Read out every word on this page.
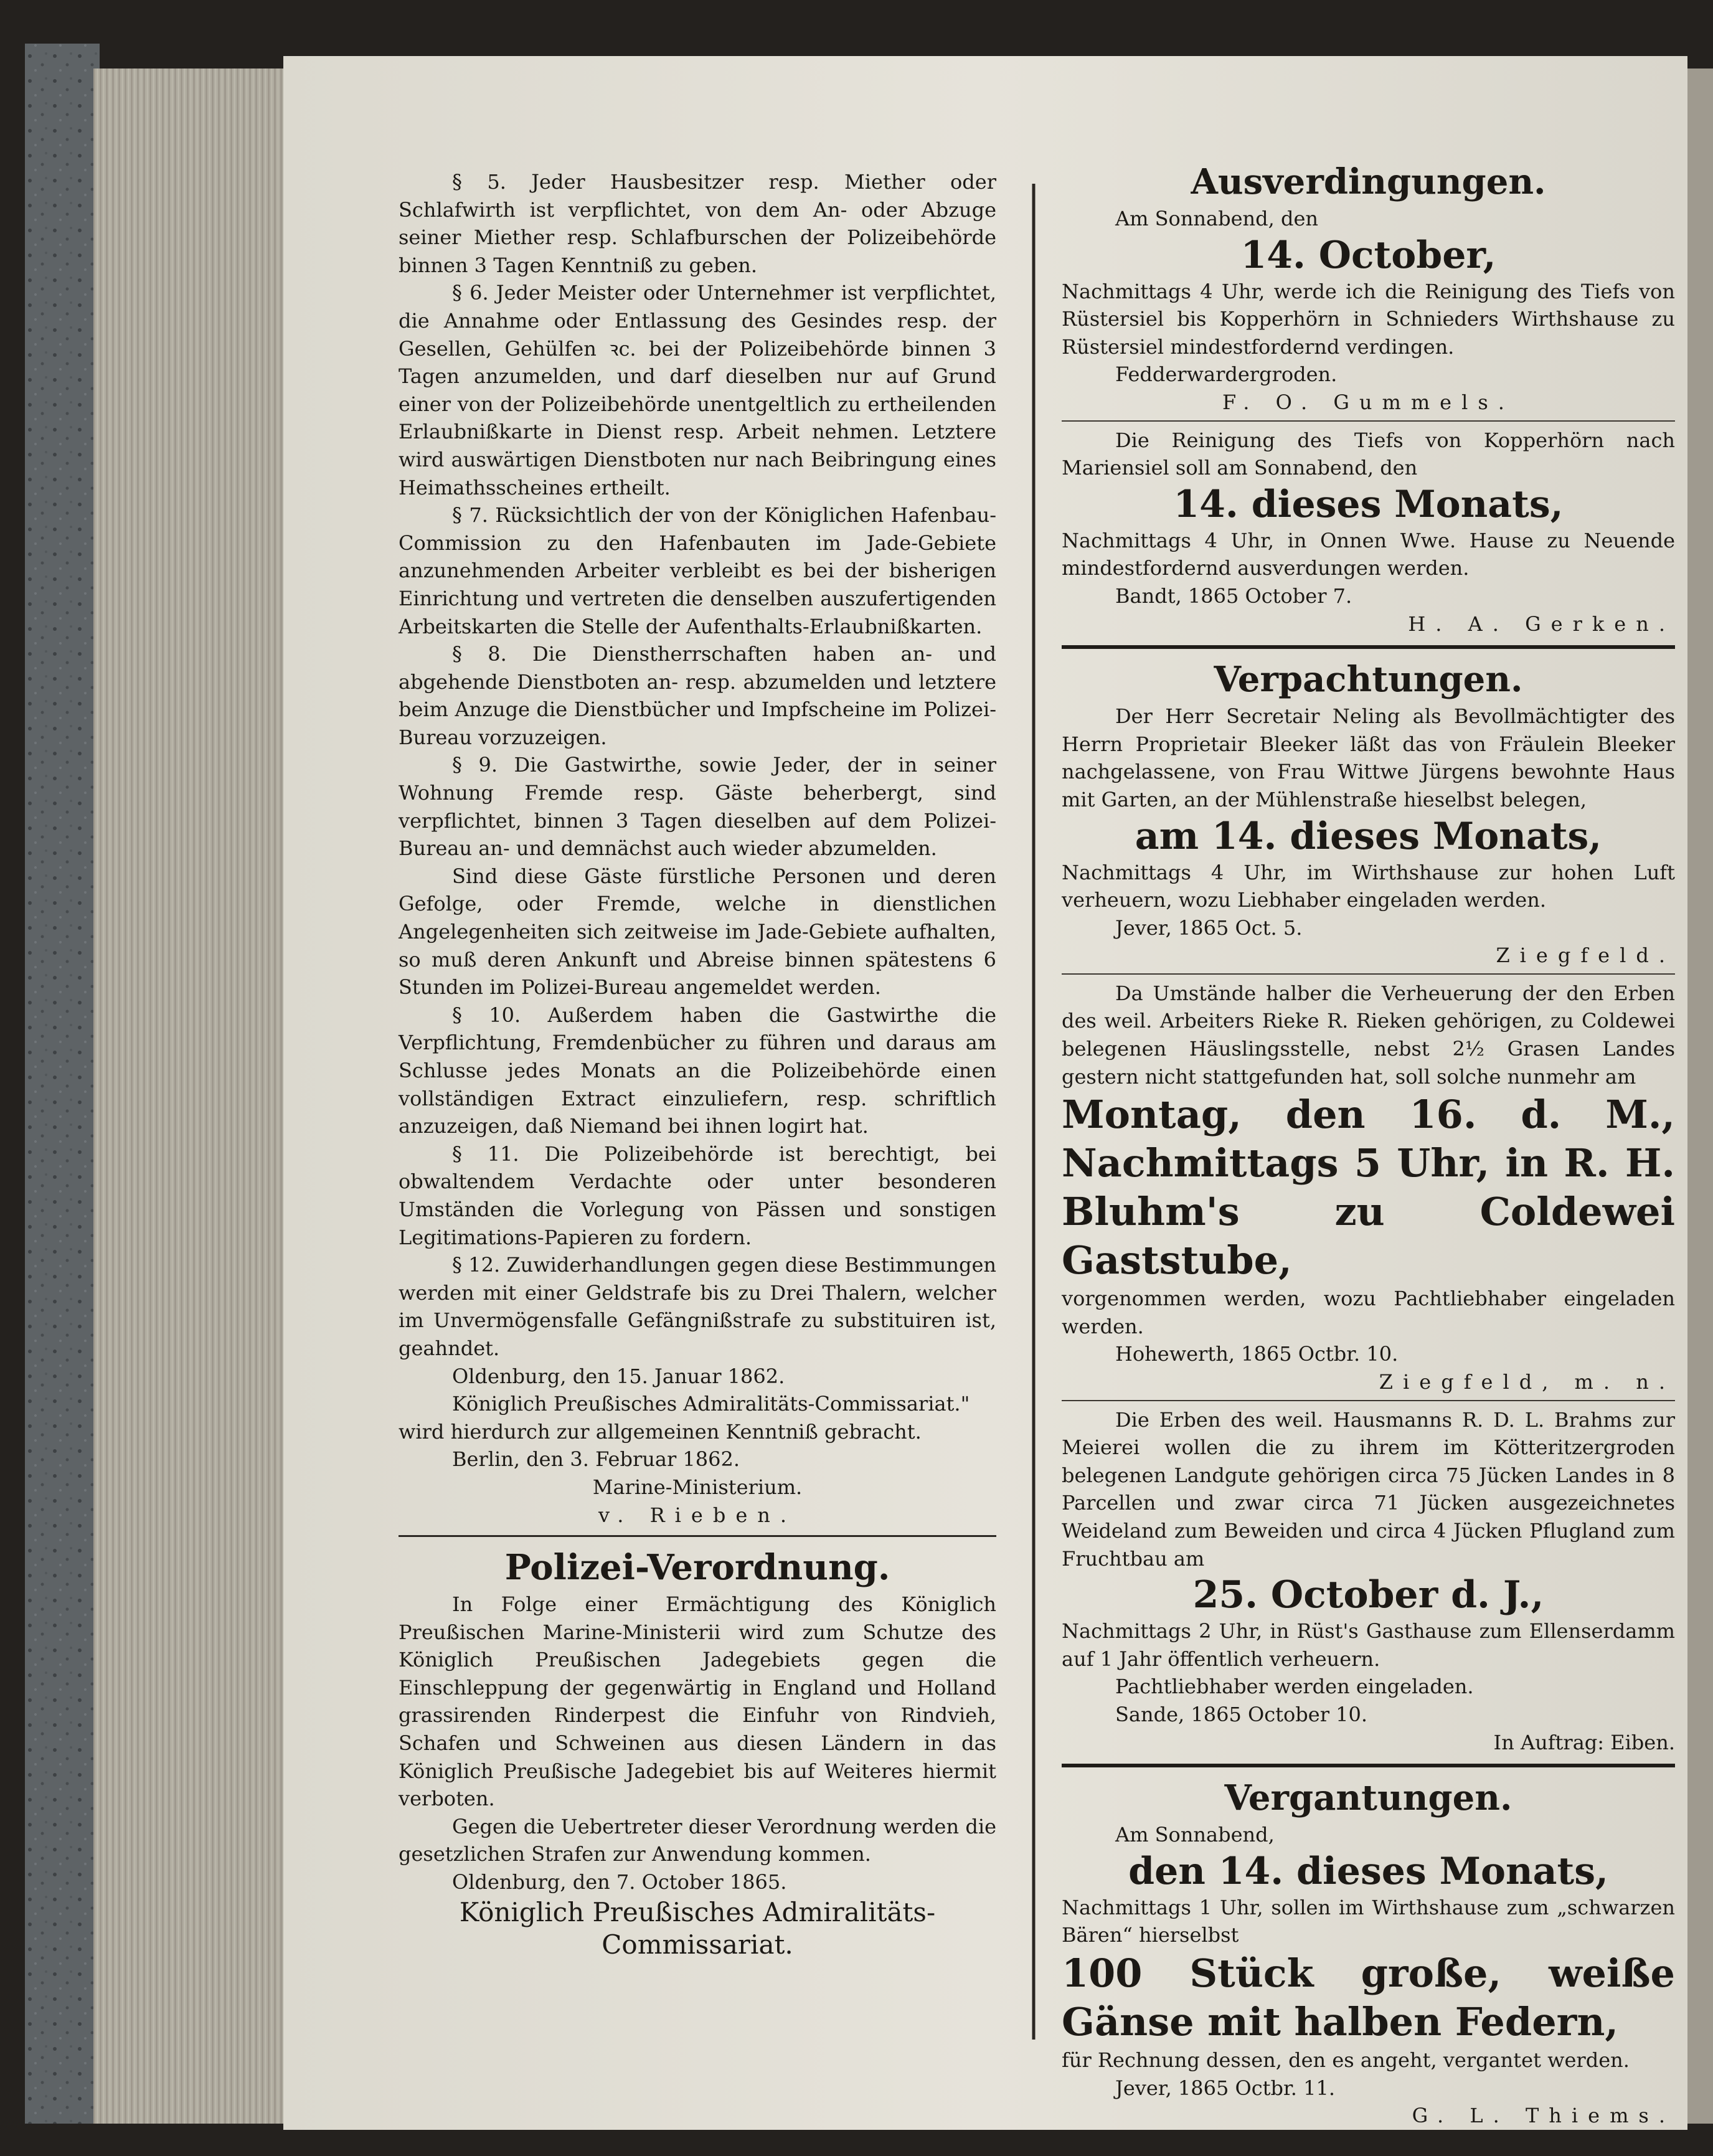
§ 5. Jeder Hausbesitzer resp. Miether oder Schlafwirth ist verpflichtet, von dem An- oder Abzuge seiner Miether resp. Schlafburschen der Polizeibehörde binnen 3 Tagen Kenntniß zu geben.

§ 6. Jeder Meister oder Unternehmer ist verpflichtet, die Annahme oder Entlassung des Gesindes resp. der Gesellen, Gehülfen ꝛc. bei der Polizeibehörde binnen 3 Tagen anzumelden, und darf dieselben nur auf Grund einer von der Polizeibehörde unentgeltlich zu ertheilenden Erlaubnißkarte in Dienst resp. Arbeit nehmen. Letztere wird auswärtigen Dienstboten nur nach Beibringung eines Heimathsscheines ertheilt.

§ 7. Rücksichtlich der von der Königlichen Hafenbau-Commission zu den Hafenbauten im Jade-Gebiete anzunehmenden Arbeiter verbleibt es bei der bisherigen Einrichtung und vertreten die denselben auszufertigenden Arbeitskarten die Stelle der Aufenthalts-Erlaubnißkarten.

§ 8. Die Dienstherrschaften haben an- und abgehende Dienstboten an- resp. abzumelden und letztere beim Anzuge die Dienstbücher und Impfscheine im Polizei-Bureau vorzuzeigen.

§ 9. Die Gastwirthe, sowie Jeder, der in seiner Wohnung Fremde resp. Gäste beherbergt, sind verpflichtet, binnen 3 Tagen dieselben auf dem Polizei-Bureau an- und demnächst auch wieder abzumelden.

Sind diese Gäste fürstliche Personen und deren Gefolge, oder Fremde, welche in dienstlichen Angelegenheiten sich zeitweise im Jade-Gebiete aufhalten, so muß deren Ankunft und Abreise binnen spätestens 6 Stunden im Polizei-Bureau angemeldet werden.

§ 10. Außerdem haben die Gastwirthe die Verpflichtung, Fremdenbücher zu führen und daraus am Schlusse jedes Monats an die Polizeibehörde einen vollständigen Extract einzuliefern, resp. schriftlich anzuzeigen, daß Niemand bei ihnen logirt hat.

§ 11. Die Polizeibehörde ist berechtigt, bei obwaltendem Verdachte oder unter besonderen Umständen die Vorlegung von Pässen und sonstigen Legitimations-Papieren zu fordern.

§ 12. Zuwiderhandlungen gegen diese Bestimmungen werden mit einer Geldstrafe bis zu Drei Thalern, welcher im Unvermögensfalle Gefängnißstrafe zu substituiren ist, geahndet.

Oldenburg, den 15. Januar 1862.

Königlich Preußisches Admiralitäts-Commissariat."

wird hierdurch zur allgemeinen Kenntniß gebracht.

Berlin, den 3. Februar 1862.

Marine-Ministerium.

v. Rieben.

Polizei-Verordnung.

In Folge einer Ermächtigung des Königlich Preußischen Marine-Ministerii wird zum Schutze des Königlich Preußischen Jadegebiets gegen die Einschleppung der gegenwärtig in England und Holland grassirenden Rinderpest die Einfuhr von Rindvieh, Schafen und Schweinen aus diesen Ländern in das Königlich Preußische Jadegebiet bis auf Weiteres hiermit verboten.

Gegen die Uebertreter dieser Verordnung werden die gesetzlichen Strafen zur Anwendung kommen.

Oldenburg, den 7. October 1865.

Königlich Preußisches Admiralitäts-

Commissariat.

Ausverdingungen.

Am Sonnabend, den

14. October,

Nachmittags 4 Uhr, werde ich die Reinigung des Tiefs von Rüstersiel bis Kopperhörn in Schnieders Wirthshause zu Rüstersiel mindestfordernd verdingen.

Fedderwardergroden.

F. O. Gummels.

Die Reinigung des Tiefs von Kopperhörn nach Mariensiel soll am Sonnabend, den

14. dieses Monats,

Nachmittags 4 Uhr, in Onnen Wwe. Hause zu Neuende mindestfordernd ausverdungen werden.

Bandt, 1865 October 7.

H. A. Gerken.

Verpachtungen.

Der Herr Secretair Neling als Bevollmächtigter des Herrn Proprietair Bleeker läßt das von Fräulein Bleeker nachgelassene, von Frau Wittwe Jürgens bewohnte Haus mit Garten, an der Mühlenstraße hieselbst belegen,

am 14. dieses Monats,

Nachmittags 4 Uhr, im Wirthshause zur hohen Luft verheuern, wozu Liebhaber eingeladen werden.

Jever, 1865 Oct. 5.

Ziegfeld.

Da Umstände halber die Verheuerung der den Erben des weil. Arbeiters Rieke R. Rieken gehörigen, zu Coldewei belegenen Häuslingsstelle, nebst 2½ Grasen Landes gestern nicht stattgefunden hat, soll solche nunmehr am

Montag, den 16. d. M., Nachmittags 5 Uhr, in R. H. Bluhm's zu Coldewei Gaststube,

vorgenommen werden, wozu Pachtliebhaber eingeladen werden.

Hohewerth, 1865 Octbr. 10.

Ziegfeld, m. n.

Die Erben des weil. Hausmanns R. D. L. Brahms zur Meierei wollen die zu ihrem im Kötteritzergroden belegenen Landgute gehörigen circa 75 Jücken Landes in 8 Parcellen und zwar circa 71 Jücken ausgezeichnetes Weideland zum Beweiden und circa 4 Jücken Pflugland zum Fruchtbau am

25. October d. J.,

Nachmittags 2 Uhr, in Rüst's Gasthause zum Ellenserdamm auf 1 Jahr öffentlich verheuern.

Pachtliebhaber werden eingeladen.

Sande, 1865 October 10.

In Auftrag: Eiben.

Vergantungen.

Am Sonnabend,

den 14. dieses Monats,

Nachmittags 1 Uhr, sollen im Wirthshause zum „schwarzen Bären“ hierselbst

100 Stück große, weiße Gänse mit halben Federn,

für Rechnung dessen, den es angeht, vergantet werden.

Jever, 1865 Octbr. 11.

G. L. Thiems.
